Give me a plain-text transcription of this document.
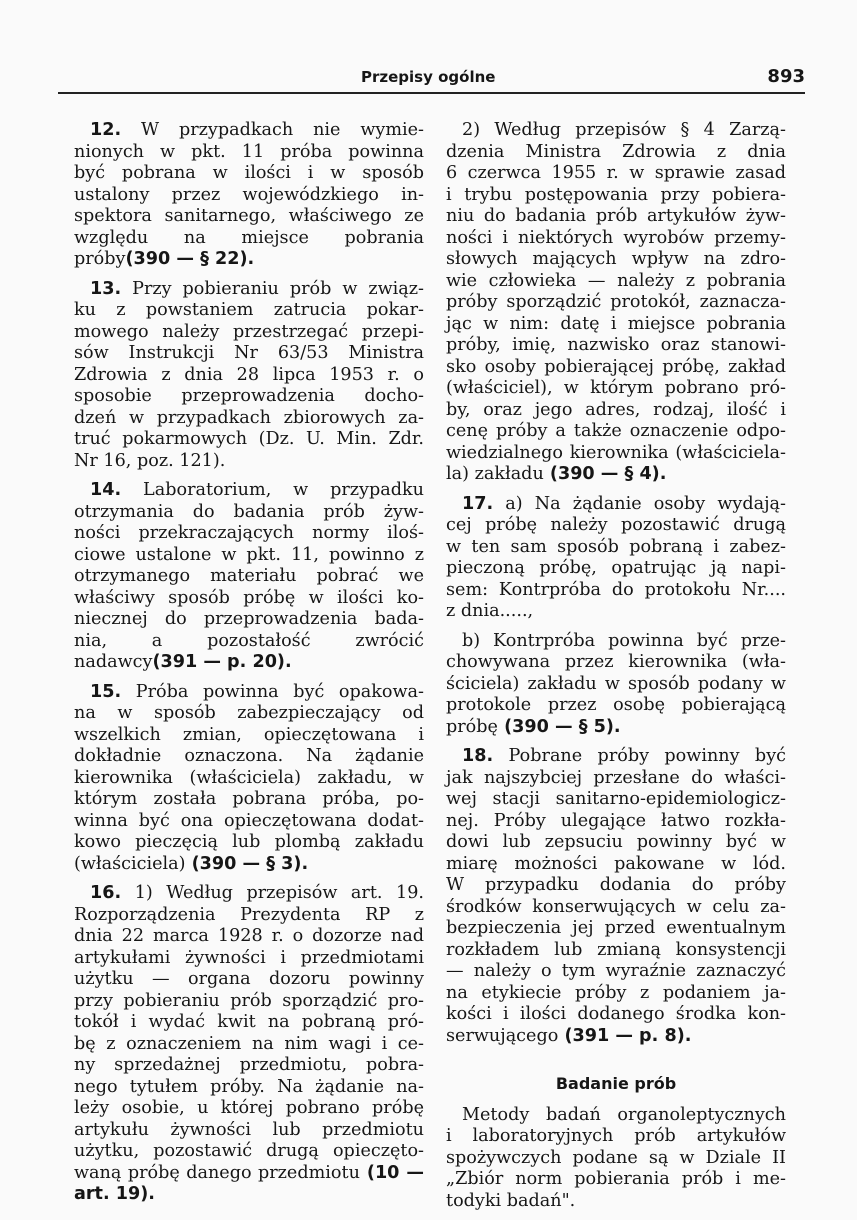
Przepisy ogólne	893
12. W przypadkach nie wymie-
nionych w pkt. 11 próba powinna
być pobrana w ilości i w sposób
ustalony przez wojewódzkiego in-
spektora sanitarnego, właściwego ze
względu na miejsce pobrania próby(390 — § 22).
13. Przy pobieraniu prób w związ-
ku z powstaniem zatrucia pokar-
mowego należy przestrzegać przepi-
sów Instrukcji Nr 63/53 Ministra
Zdrowia z dnia 28 lipca 1953 r. o
sposobie przeprowadzenia docho-
dzeń w przypadkach zbiorowych za-
truć pokarmowych (Dz. U. Min. Zdr.
Nr 16, poz. 121).
14. Laboratorium, w przypadku
otrzymania do badania prób żyw-
ności przekraczających normy iloś-
ciowe ustalone w pkt. 11, powinno z
otrzymanego materiału pobrać we
właściwy sposób próbę w ilości ko-
niecznej do przeprowadzenia bada-
nia, a pozostałość zwrócić nadawcy(391 — p. 20).
15. Próba powinna być opakowa-
na w sposób zabezpieczający od
wszelkich zmian, opieczętowana i
dokładnie oznaczona. Na żądanie
kierownika (właściciela) zakładu, w
którym została pobrana próba, po-
winna być ona opieczętowana dodat-
kowo pieczęcią lub plombą zakładu
(właściciela) (390 — § 3).
16. 1) Według przepisów art. 19.
Rozporządzenia Prezydenta RP z
dnia 22 marca 1928 r. o dozorze nad
artykułami żywności i przedmiotami
użytku — organa dozoru powinny
przy pobieraniu prób sporządzić pro-
tokół i wydać kwit na pobraną pró-
bę z oznaczeniem na nim wagi i ce-
ny sprzedażnej przedmiotu, pobra-
nego tytułem próby. Na żądanie na-
leży osobie, u której pobrano próbę
artykułu żywności lub przedmiotu
użytku, pozostawić drugą opieczęto-
waną próbę danego przedmiotu (10 — art. 19).
2) Według przepisów § 4 Zarzą-
dzenia Ministra Zdrowia z dnia
6 czerwca 1955 r. w sprawie zasad
i trybu postępowania przy pobiera-
niu do badania prób artykułów żyw-
ności i niektórych wyrobów przemy-
słowych mających wpływ na zdro-
wie człowieka — należy z pobrania
próby sporządzić protokół, zaznacza-
jąc w nim: datę i miejsce pobrania
próby, imię, nazwisko oraz stanowi-
sko osoby pobierającej próbę, zakład
(właściciel), w którym pobrano pró-
by, oraz jego adres, rodzaj, ilość i
cenę próby a także oznaczenie odpo-
wiedzialnego kierownika (właściciela-
la) zakładu (390 — § 4).
17. a) Na żądanie osoby wydają-
cej próbę należy pozostawić drugą
w ten sam sposób pobraną i zabez-
pieczoną próbę, opatrując ją napi-
sem: Kontrpróba do protokołu Nr....
z dnia.....,
b) Kontrpróba powinna być prze-
chowywana przez kierownika (wła-
ściciela) zakładu w sposób podany w
protokole przez osobę pobierającą
próbę (390 — § 5).
18. Pobrane próby powinny być
jak najszybciej przesłane do właści-
wej stacji sanitarno-epidemiologicz-
nej. Próby ulegające łatwo rozkła-
dowi lub zepsuciu powinny być w
miarę możności pakowane w lód.
W przypadku dodania do próby
środków konserwujących w celu za-
bezpieczenia jej przed ewentualnym
rozkładem lub zmianą konsystencji
— należy o tym wyraźnie zaznaczyć
na etykiecie próby z podaniem ja-
kości i ilości dodanego środka kon-
serwującego (391 — p. 8).
Badanie prób
Metody badań organoleptycznych
i laboratoryjnych prób artykułów
spożywczych podane są w Dziale II
„Zbiór norm pobierania prób i me-
todyki badań".
